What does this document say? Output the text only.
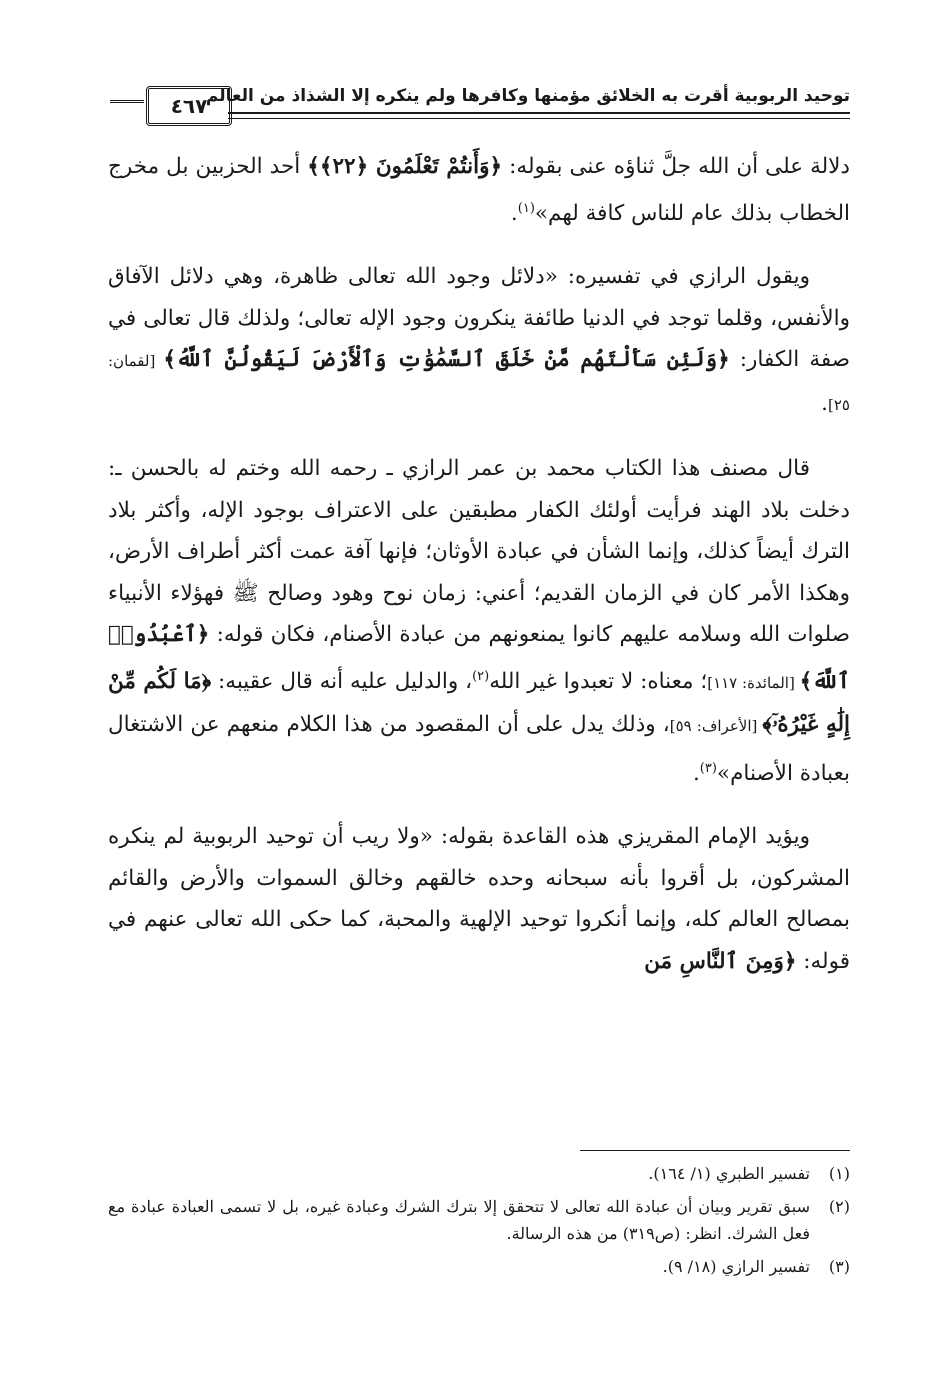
٤٦٧
توحيد الربوبية أقرت به الخلائق مؤمنها وكافرها ولم ينكره إلا الشذاذ من العالم

دلالة على أن الله جلَّ ثناؤه عنى بقوله: ﴿وَأَنتُمْ تَعْلَمُونَ ﴿٢٢﴾﴾ أحد الحزبين بل مخرج الخطاب بذلك عام للناس كافة لهم»$^{(١)}$.

ويقول الرازي في تفسيره: «دلائل وجود الله تعالى ظاهرة، وهي دلائل الآفاق والأنفس، وقلما توجد في الدنيا طائفة ينكرون وجود الإله تعالى؛ ولذلك قال تعالى في صفة الكفار: ﴿وَلَئِن سَأَلْتَهُم مَّنْ خَلَقَ ٱلسَّمَٰوَٰتِ وَٱلْأَرْضَ لَيَقُولُنَّ ٱللَّهُ﴾ [لقمان: ٢٥].

قال مصنف هذا الكتاب محمد بن عمر الرازي ـ رحمه الله وختم له بالحسن ـ: دخلت بلاد الهند فرأيت أولئك الكفار مطبقين على الاعتراف بوجود الإله، وأكثر بلاد الترك أيضاً كذلك، وإنما الشأن في عبادة الأوثان؛ فإنها آفة عمت أكثر أطراف الأرض، وهكذا الأمر كان في الزمان القديم؛ أعني: زمان نوح وهود وصالح ﷺ فهؤلاء الأنبياء صلوات الله وسلامه عليهم كانوا يمنعونهم من عبادة الأصنام، فكان قوله: ﴿ٱعْبُدُوا۟ ٱللَّهَ﴾ [المائدة: ١١٧]؛ معناه: لا تعبدوا غير الله$^{(٢)}$، والدليل عليه أنه قال عقيبه: ﴿مَا لَكُم مِّنْ إِلَٰهٍ غَيْرُهُۥٓ﴾ [الأعراف: ٥٩]، وذلك يدل على أن المقصود من هذا الكلام منعهم عن الاشتغال بعبادة الأصنام»$^{(٣)}$.

ويؤيد الإمام المقريزي هذه القاعدة بقوله: «ولا ريب أن توحيد الربوبية لم ينكره المشركون، بل أقروا بأنه سبحانه وحده خالقهم وخالق السموات والأرض والقائم بمصالح العالم كله، وإنما أنكروا توحيد الإلهية والمحبة، كما حكى الله تعالى عنهم في قوله: ﴿وَمِنَ ٱلنَّاسِ مَن

(١)
تفسير الطبري (١/ ١٦٤).
(٢)
سبق تقرير وبيان أن عبادة الله تعالى لا تتحقق إلا بترك الشرك وعبادة غيره، بل لا تسمى العبادة عبادة مع فعل الشرك. انظر: (ص٣١٩) من هذه الرسالة.
(٣)
تفسير الرازي (١٨/ ٩).
